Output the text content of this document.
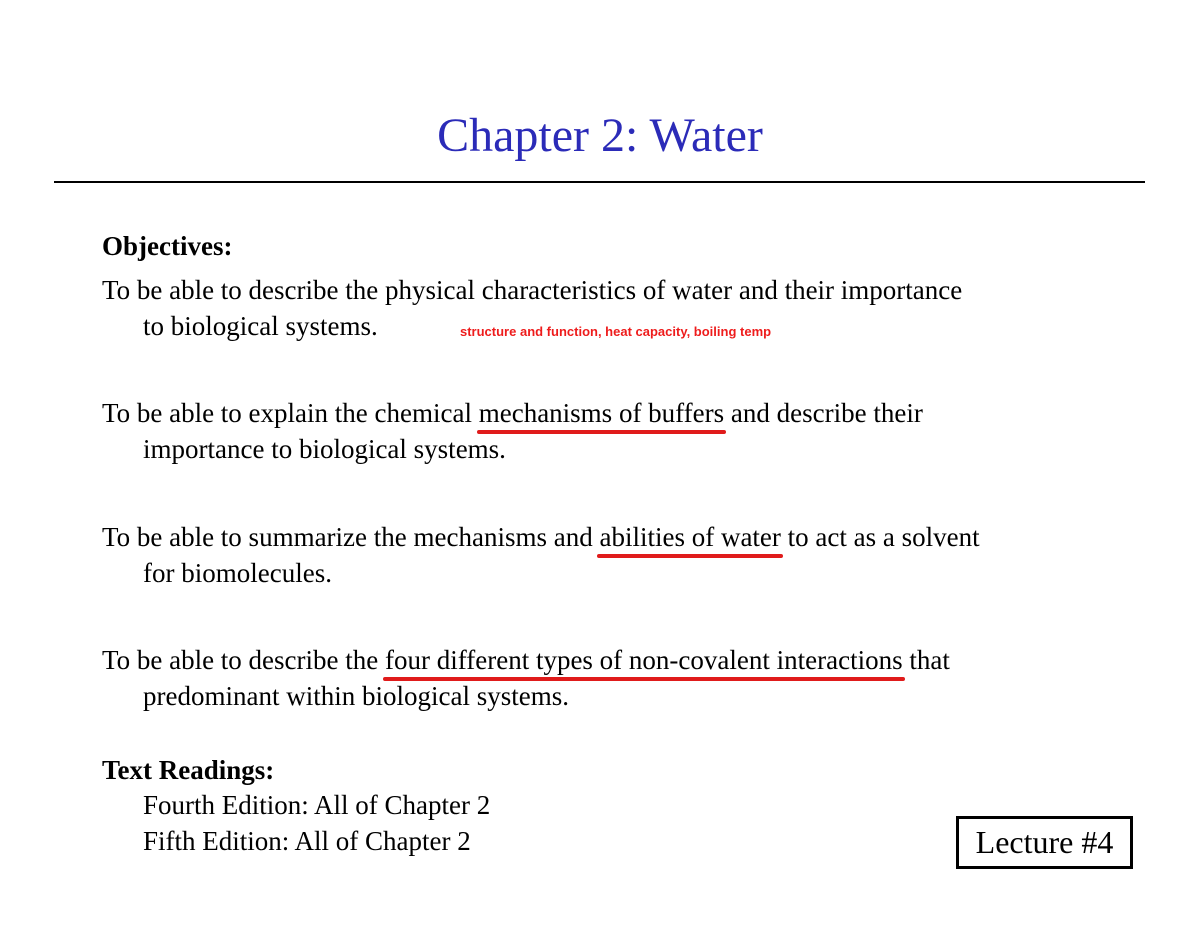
Chapter 2: Water
Objectives:
To be able to describe the physical characteristics of water and their importance
to biological systems.	structure and function, heat capacity, boiling temp
To be able to explain the chemical mechanisms of buffers and describe their
importance to biological systems.
To be able to summarize the mechanisms and abilities of water to act as a solvent
for biomolecules.
To be able to describe the four different types of non-covalent interactions that
predominant within biological systems.
Text Readings:
Fourth Edition: All of Chapter 2
Fifth Edition: All of Chapter 2	Lecture #4
